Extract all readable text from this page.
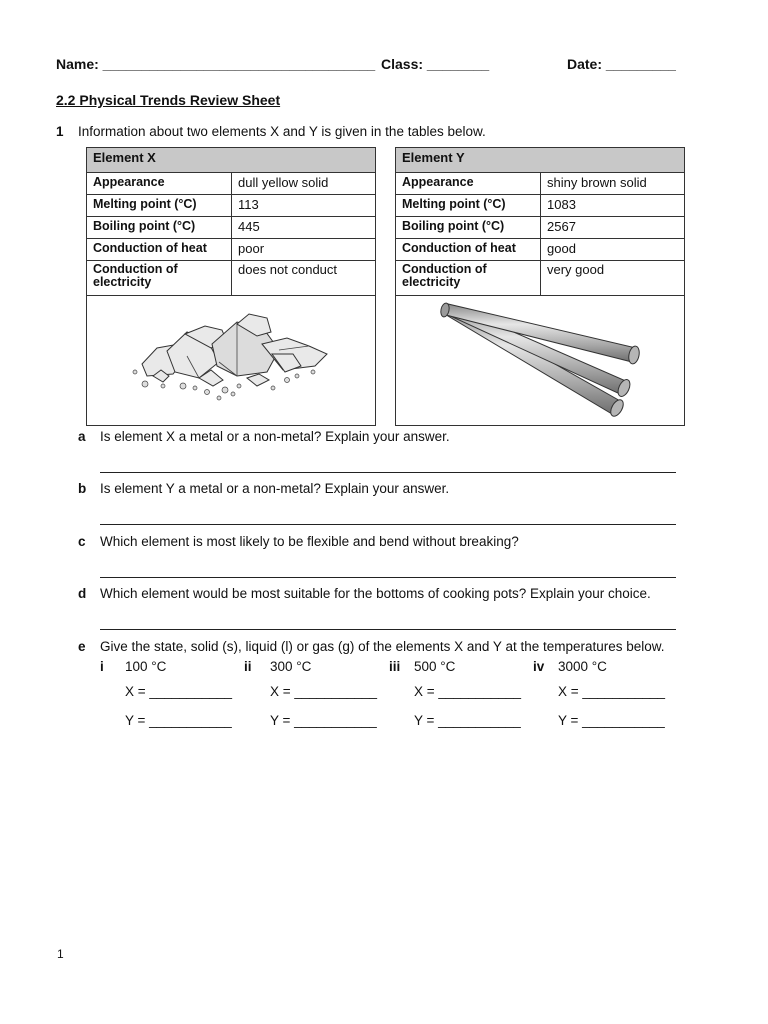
Name: ___________________________________ Class: ________	Date: _________
2.2 Physical Trends Review Sheet
1 Information about two elements X and Y is given in the tables below.
Element X	
Appearance	dull yellow solid
Melting point (°C)	113
Boiling point (°C)	445
Conduction of heat	poor
Conduction of electricity	does not conduct

Element Y	
Appearance	shiny brown solid
Melting point (°C)	1083
Boiling point (°C)	2567
Conduction of heat	good
Conduction of electricity	very good

a Is element X a metal or a non-metal? Explain your answer.
b Is element Y a metal or a non-metal? Explain your answer.
c Which element is most likely to be flexible and bend without breaking?
d Which element would be most suitable for the bottoms of cooking pots? Explain your choice.
e Give the state, solid (s), liquid (l) or gas (g) of the elements X and Y at the temperatures below.
i 100 °C	ii 300 °C	iii 500 °C	iv 3000 °C
X = ___________	X = ___________	X = ___________	X = ___________
Y = ___________	Y = ___________	Y = ___________	Y = ___________
1
